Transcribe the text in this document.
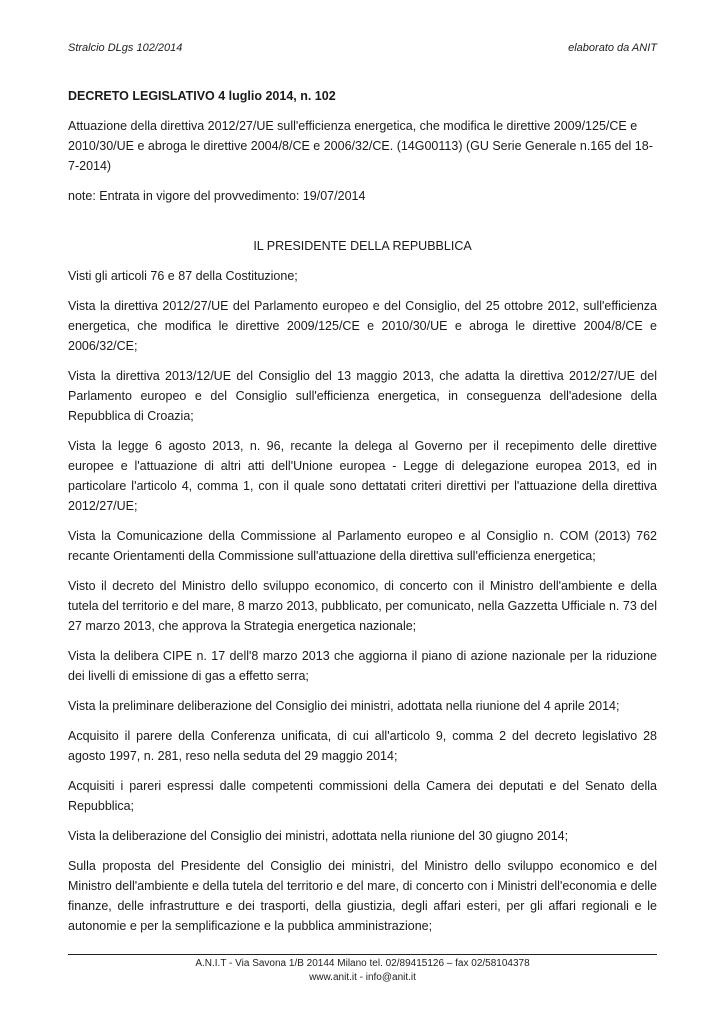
Stralcio DLgs 102/2014	elaborato da ANIT

DECRETO LEGISLATIVO 4 luglio 2014, n. 102

Attuazione della direttiva 2012/27/UE sull'efficienza energetica, che modifica le direttive 2009/125/CE e 2010/30/UE e abroga le direttive 2004/8/CE e 2006/32/CE. (14G00113) (GU Serie Generale n.165 del 18-7-2014)

note: Entrata in vigore del provvedimento: 19/07/2014

IL PRESIDENTE DELLA REPUBBLICA

Visti gli articoli 76 e 87 della Costituzione;

Vista la direttiva 2012/27/UE del Parlamento europeo e del Consiglio, del 25 ottobre 2012, sull'efficienza energetica, che modifica le direttive 2009/125/CE e 2010/30/UE e abroga le direttive 2004/8/CE e 2006/32/CE;

Vista la direttiva 2013/12/UE del Consiglio del 13 maggio 2013, che adatta la direttiva 2012/27/UE del Parlamento europeo e del Consiglio sull'efficienza energetica, in conseguenza dell'adesione della Repubblica di Croazia;

Vista la legge 6 agosto 2013, n. 96, recante la delega al Governo per il recepimento delle direttive europee e l'attuazione di altri atti dell'Unione europea - Legge di delegazione europea 2013, ed in particolare l'articolo 4, comma 1, con il quale sono dettatati criteri direttivi per l'attuazione della direttiva 2012/27/UE;

Vista la Comunicazione della Commissione al Parlamento europeo e al Consiglio n. COM (2013) 762 recante Orientamenti della Commissione sull'attuazione della direttiva sull'efficienza energetica;

Visto il decreto del Ministro dello sviluppo economico, di concerto con il Ministro dell'ambiente e della tutela del territorio e del mare, 8 marzo 2013, pubblicato, per comunicato, nella Gazzetta Ufficiale n. 73 del 27 marzo 2013, che approva la Strategia energetica nazionale;

Vista la delibera CIPE n. 17 dell'8 marzo 2013 che aggiorna il piano di azione nazionale per la riduzione dei livelli di emissione di gas a effetto serra;

Vista la preliminare deliberazione del Consiglio dei ministri, adottata nella riunione del 4 aprile 2014;

Acquisito il parere della Conferenza unificata, di cui all'articolo 9, comma 2 del decreto legislativo 28 agosto 1997, n. 281, reso nella seduta del 29 maggio 2014;

Acquisiti i pareri espressi dalle competenti commissioni della Camera dei deputati e del Senato della Repubblica;

Vista la deliberazione del Consiglio dei ministri, adottata nella riunione del 30 giugno 2014;

Sulla proposta del Presidente del Consiglio dei ministri, del Ministro dello sviluppo economico e del Ministro dell'ambiente e della tutela del territorio e del mare, di concerto con i Ministri dell'economia e delle finanze, delle infrastrutture e dei trasporti, della giustizia, degli affari esteri, per gli affari regionali e le autonomie e per la semplificazione e la pubblica amministrazione;

A.N.I.T - Via Savona 1/B 20144 Milano tel. 02/89415126 – fax 02/58104378
www.anit.it - info@anit.it
